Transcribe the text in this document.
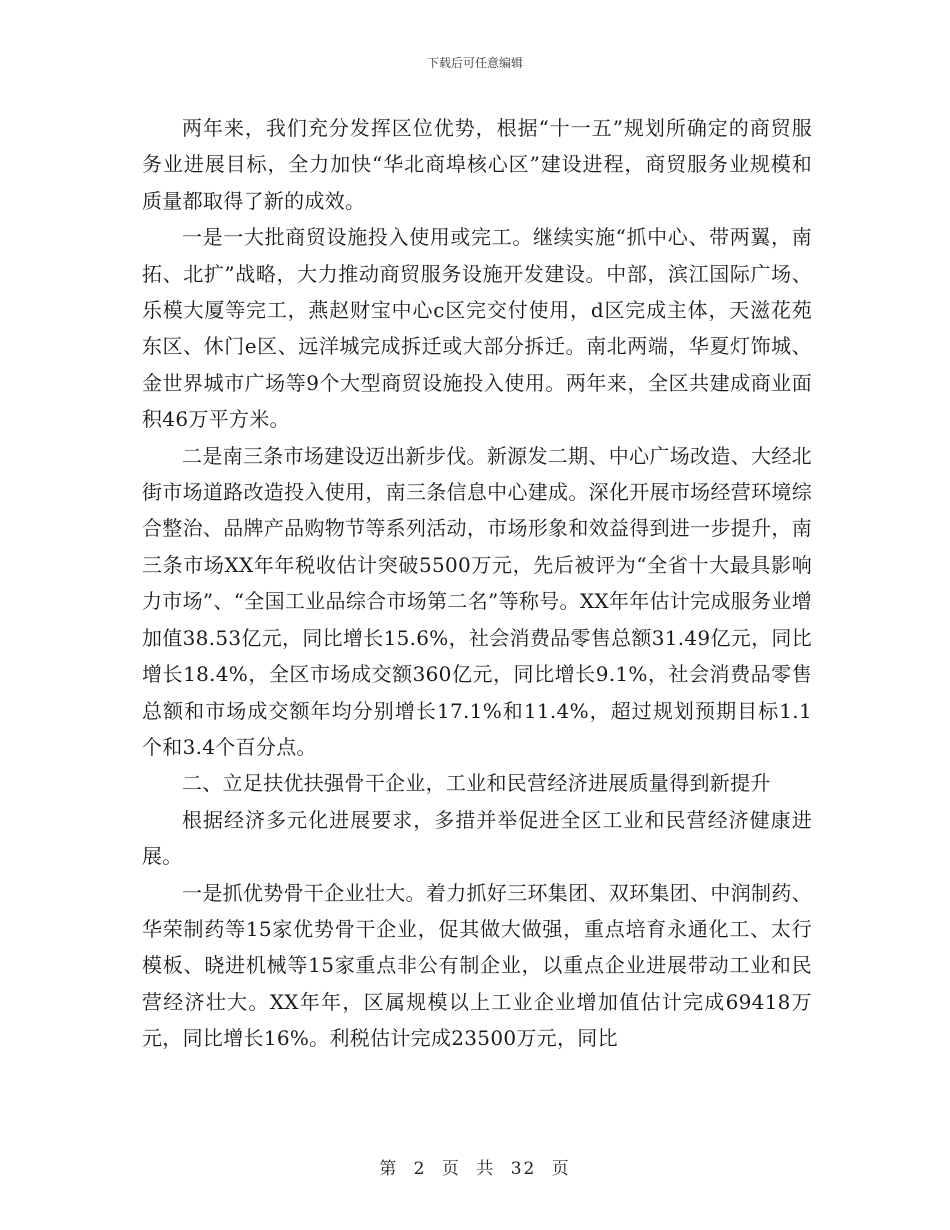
下载后可任意编辑

两年来，我们充分发挥区位优势，根据“十一五”规划所确定的商贸服务业进展目标，全力加快“华北商埠核心区”建设进程，商贸服务业规模和质量都取得了新的成效。

一是一大批商贸设施投入使用或完工。继续实施“抓中心、带两翼，南拓、北扩”战略，大力推动商贸服务设施开发建设。中部，滨江国际广场、乐模大厦等完工，燕赵财宝中心c区完交付使用，d区完成主体，天滋花苑东区、休门e区、远洋城完成拆迁或大部分拆迁。南北两端，华夏灯饰城、金世界城市广场等9个大型商贸设施投入使用。两年来，全区共建成商业面积46万平方米。

二是南三条市场建设迈出新步伐。新源发二期、中心广场改造、大经北街市场道路改造投入使用，南三条信息中心建成。深化开展市场经营环境综合整治、品牌产品购物节等系列活动，市场形象和效益得到进一步提升，南三条市场XX年年税收估计突破5500万元，先后被评为“全省十大最具影响力市场”、“全国工业品综合市场第二名”等称号。XX年年估计完成服务业增加值38.53亿元，同比增长15.6%，社会消费品零售总额31.49亿元，同比增长18.4%，全区市场成交额360亿元，同比增长9.1%，社会消费品零售总额和市场成交额年均分别增长17.1%和11.4%，超过规划预期目标1.1个和3.4个百分点。

二、立足扶优扶强骨干企业，工业和民营经济进展质量得到新提升

根据经济多元化进展要求，多措并举促进全区工业和民营经济健康进展。

一是抓优势骨干企业壮大。着力抓好三环集团、双环集团、中润制药、华荣制药等15家优势骨干企业，促其做大做强，重点培育永通化工、太行模板、晓进机械等15家重点非公有制企业，以重点企业进展带动工业和民营经济壮大。XX年年，区属规模以上工业企业增加值估计完成69418万元，同比增长16%。利税估计完成23500万元，同比

第 2 页 共 32 页
